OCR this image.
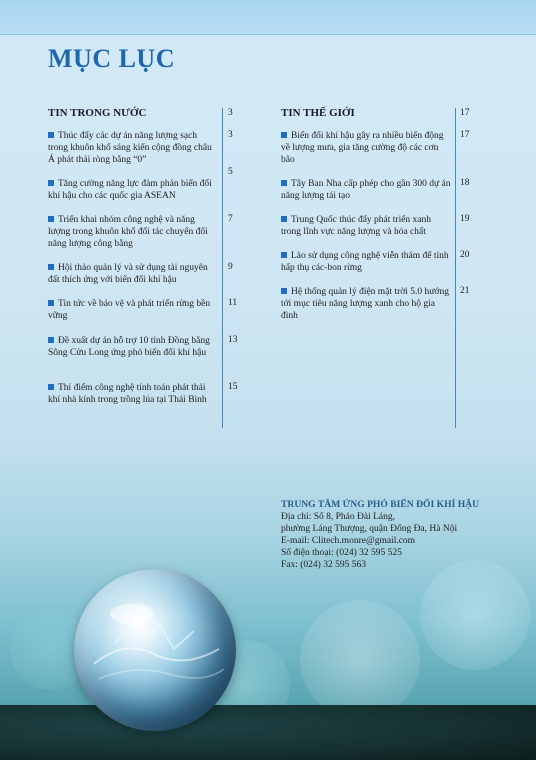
MỤC LỤC
TIN TRONG NƯỚC	3
Thúc đẩy các dự án năng lượng sạch trong khuôn khổ sáng kiến cộng đồng châu Á phát thải ròng bằng “0”
3
Tăng cường năng lực đàm phán biến đổi khí hậu cho các quốc gia ASEAN
5
Triển khai nhóm công nghệ và năng lượng trong khuôn khổ đối tác chuyển đổi năng lượng công bằng
7
Hội thảo quản lý và sử dụng tài nguyên đất thích ứng với biến đổi khí hậu
9
Tin tức về bảo vệ và phát triển rừng bền vững
11
Đề xuất dự án hỗ trợ 10 tỉnh Đồng bằng Sông Cửu Long ứng phó biến đổi khí hậu
13
Thí điểm công nghệ tính toán phát thải khí nhà kính trong trồng lúa tại Thái Bình
15
TIN THẾ GIỚI	17
Biến đổi khí hậu gây ra nhiều biến động về lượng mưa, gia tăng cường độ các cơn bão
17
Tây Ban Nha cấp phép cho gần 300 dự án năng lượng tái tạo
18
Trung Quốc thúc đẩy phát triển xanh trong lĩnh vực năng lượng và hóa chất
19
Lào sử dụng công nghệ viễn thám để tính hấp thụ các-bon rừng
20
Hệ thống quản lý điện mặt trời 5.0 hướng tới mục tiêu năng lượng xanh cho hộ gia đình
21
TRUNG TÂM ỨNG PHÓ BIẾN ĐỔI KHÍ HẬU
Địa chỉ: Số 8, Pháo Đài Láng,
phường Láng Thượng, quận Đống Đa, Hà Nội
E-mail: Clitech.monre@gmail.com
Số điện thoại: (024) 32 595 525
Fax: (024) 32 595 563
